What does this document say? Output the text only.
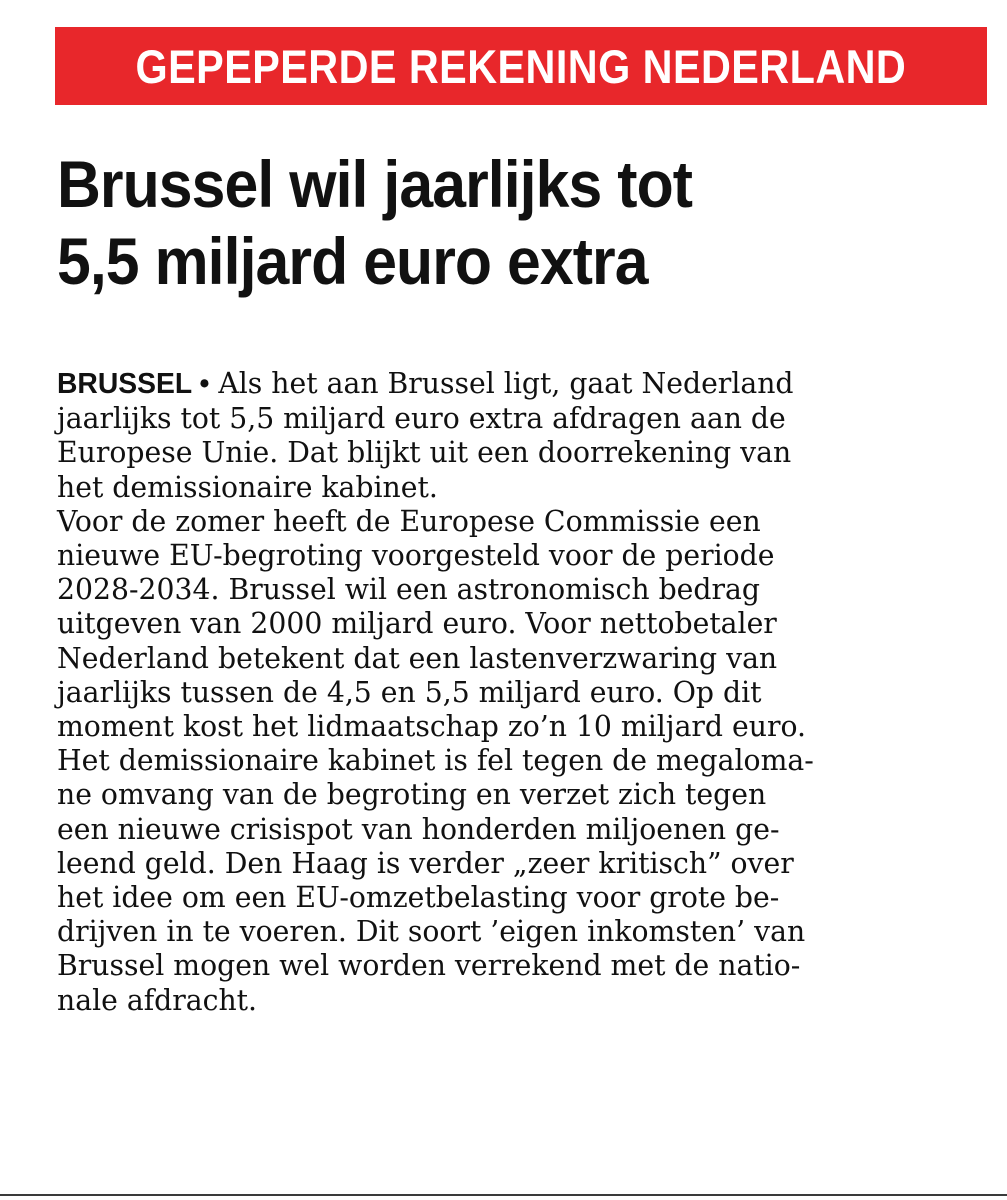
GEPEPERDE REKENING NEDERLAND
Brussel wil jaarlijks tot
5,5 miljard euro extra
BRUSSEL • Als het aan Brussel ligt, gaat Nederland
jaarlijks tot 5,5 miljard euro extra afdragen aan de
Europese Unie. Dat blijkt uit een doorrekening van
het demissionaire kabinet.
Voor de zomer heeft de Europese Commissie een
nieuwe EU-begroting voorgesteld voor de periode
2028-2034. Brussel wil een astronomisch bedrag
uitgeven van 2000 miljard euro. Voor nettobetaler
Nederland betekent dat een lastenverzwaring van
jaarlijks tussen de 4,5 en 5,5 miljard euro. Op dit
moment kost het lidmaatschap zo’n 10 miljard euro.
Het demissionaire kabinet is fel tegen de megaloma-
ne omvang van de begroting en verzet zich tegen
een nieuwe crisispot van honderden miljoenen ge-
leend geld. Den Haag is verder „zeer kritisch” over
het idee om een EU-omzetbelasting voor grote be-
drijven in te voeren. Dit soort ’eigen inkomsten’ van
Brussel mogen wel worden verrekend met de natio-
nale afdracht.
